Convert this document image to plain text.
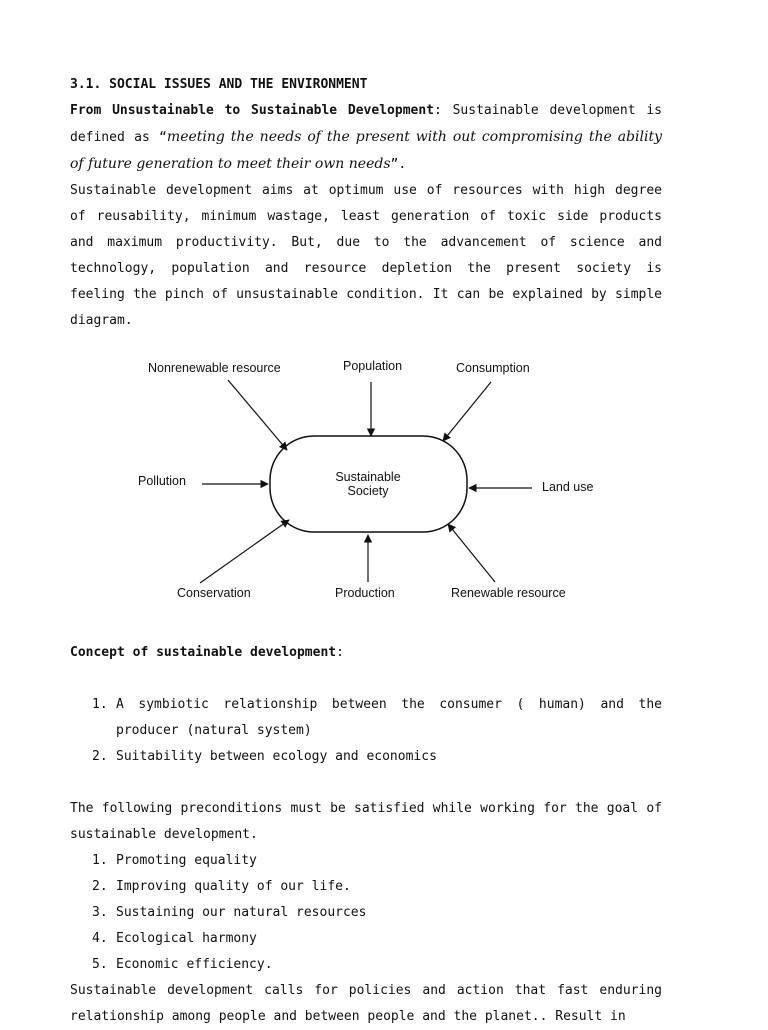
3.1. SOCIAL ISSUES AND THE ENVIRONMENT

From Unsustainable to Sustainable Development: Sustainable development is defined as “meeting the needs of the present with out compromising the ability of future generation to meet their own needs”.

Sustainable development aims at optimum use of resources with high degree of reusability, minimum wastage, least generation of toxic side products and maximum productivity. But, due to the advancement of science and technology, population and resource depletion the present society is feeling the pinch of unsustainable condition. It can be explained by simple diagram.

Sustainable
Society
Nonrenewable resource	Population	Consumption
Pollution	Land use
Conservation	Production	Renewable resource

Concept of sustainable development:

1. A symbiotic relationship between the consumer ( human) and the producer (natural system)
2. Suitability between ecology and economics

The following preconditions must be satisfied while working for the goal of sustainable development.

1. Promoting equality
2. Improving quality of our life.
3. Sustaining our natural resources
4. Ecological harmony
5. Economic efficiency.

Sustainable development calls for policies and action that fast enduring relationship among people and between people and the planet.. Result in
